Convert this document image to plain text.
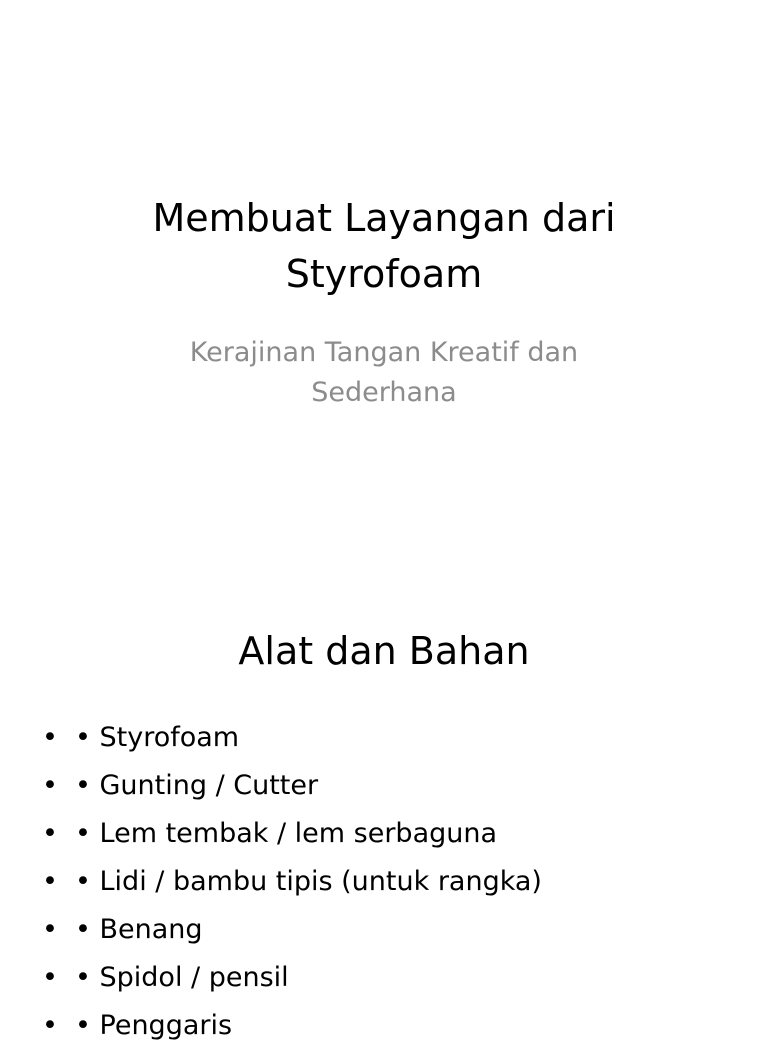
Membuat Layangan dari Styrofoam

Kerajinan Tangan Kreatif dan Sederhana

Alat dan Bahan
• • Styrofoam
• • Gunting / Cutter
• • Lem tembak / lem serbaguna
• • Lidi / bambu tipis (untuk rangka)
• • Benang
• • Spidol / pensil
• • Penggaris
